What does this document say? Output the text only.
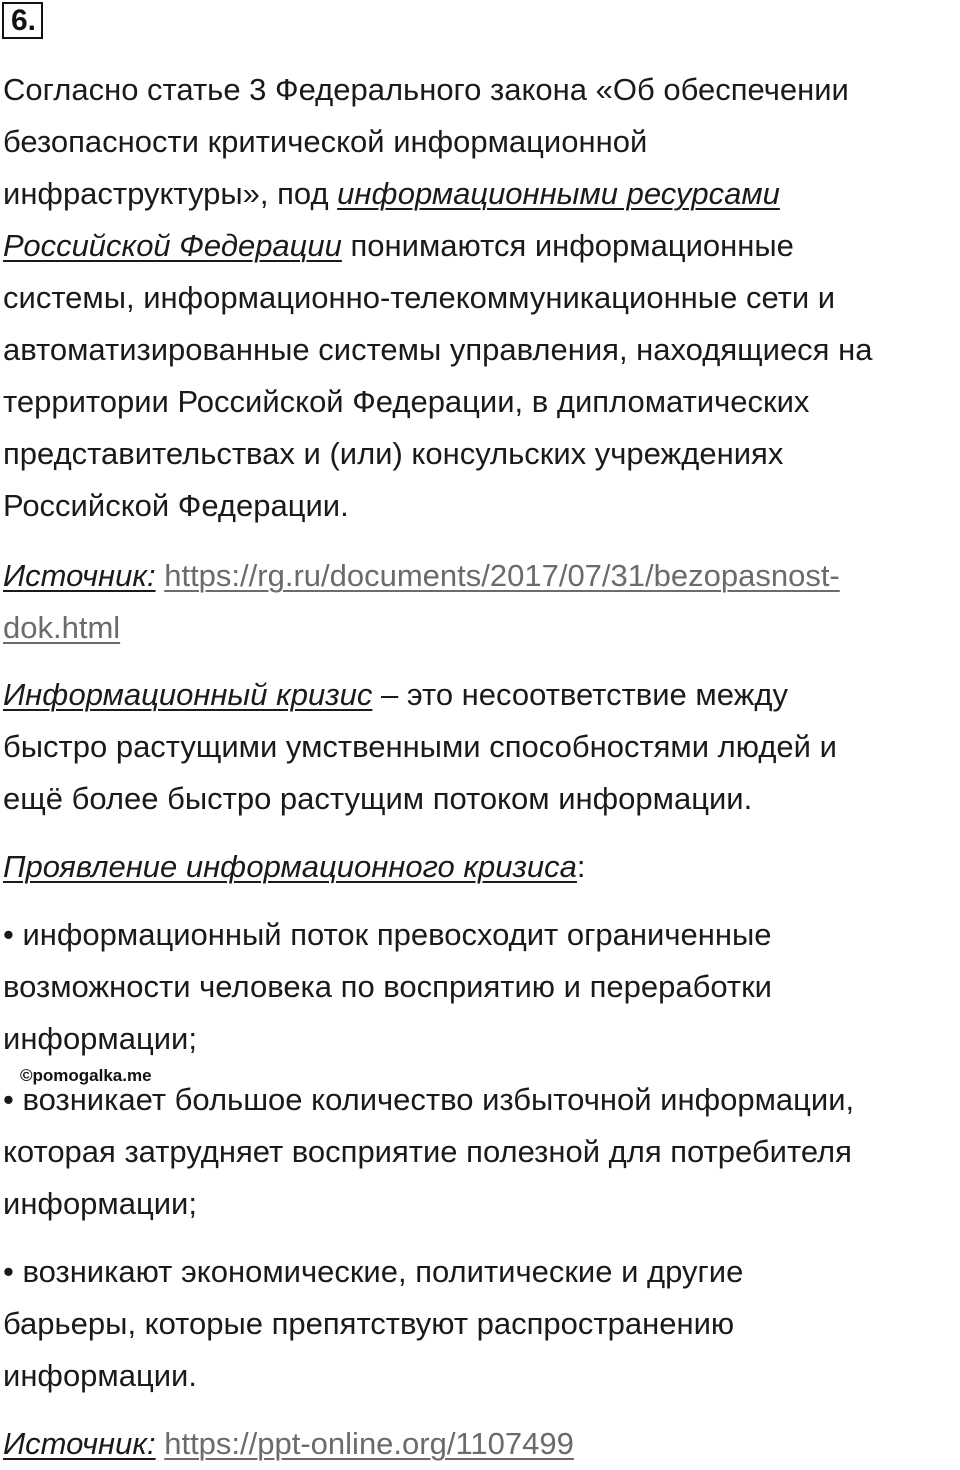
6.

Согласно статье 3 Федерального закона «Об обеспечении
безопасности критической информационной
инфраструктуры», под информационными ресурсами
Российской Федерации понимаются информационные
системы, информационно-телекоммуникационные сети и
автоматизированные системы управления, находящиеся на
территории Российской Федерации, в дипломатических
представительствах и (или) консульских учреждениях
Российской Федерации.

Источник: https://rg.ru/documents/2017/07/31/bezopasnost-
dok.html

Информационный кризис – это несоответствие между
быстро растущими умственными способностями людей и
ещё более быстро растущим потоком информации.

Проявление информационного кризиса:

• информационный поток превосходит ограниченные
возможности человека по восприятию и переработки
информации;

©pomogalka.me

• возникает большое количество избыточной информации,
которая затрудняет восприятие полезной для потребителя
информации;

• возникают экономические, политические и другие
барьеры, которые препятствуют распространению
информации.

Источник: https://ppt-online.org/1107499
